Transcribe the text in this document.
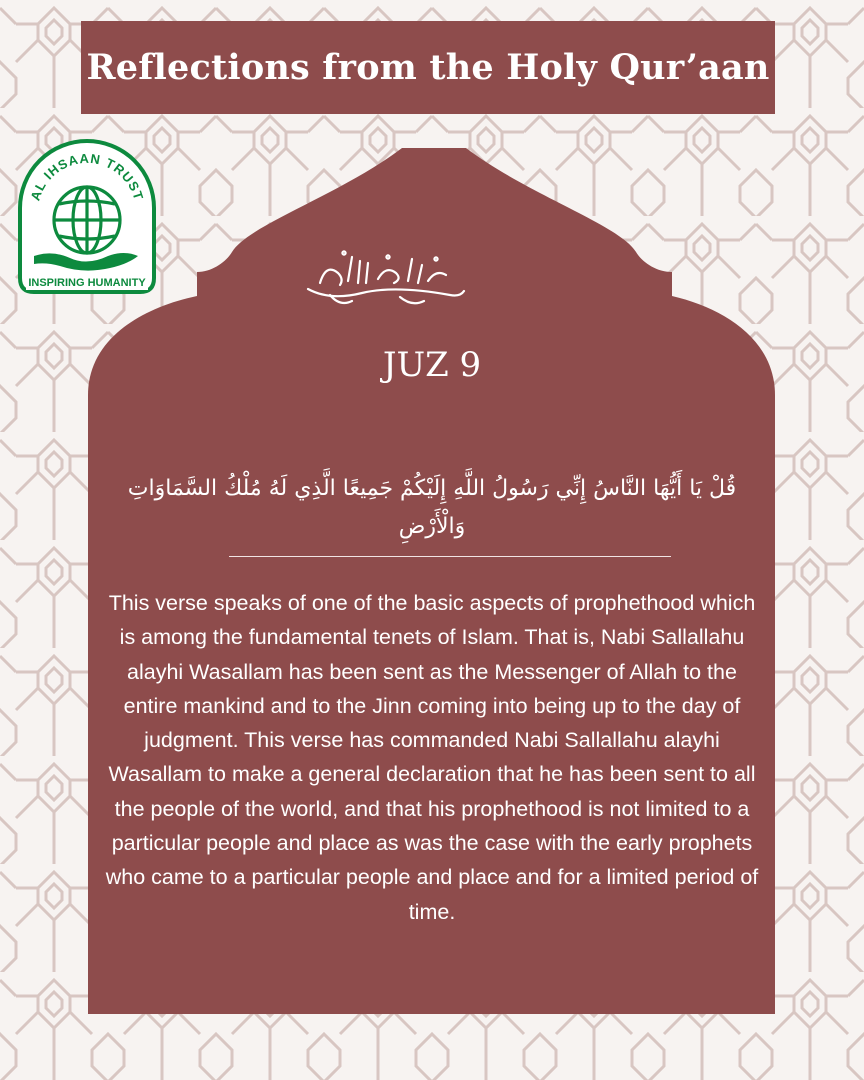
Reflections from the Holy Qur’aan
AL IHSAAN TRUST
INSPIRING HUMANITY
JUZ 9
قُلْ يَا أَيُّهَا النَّاسُ إِنِّي رَسُولُ اللَّهِ إِلَيْكُمْ جَمِيعًا الَّذِي لَهُ مُلْكُ السَّمَاوَاتِ وَالْأَرْضِ
This verse speaks of one of the basic aspects of prophethood which is among the fundamental tenets of Islam. That is, Nabi Sallallahu alayhi Wasallam has been sent as the Messenger of Allah to the entire mankind and to the Jinn coming into being up to the day of judgment. This verse has commanded Nabi Sallallahu alayhi Wasallam to make a general declaration that he has been sent to all the people of the world, and that his prophethood is not limited to a particular people and place as was the case with the early prophets who came to a particular people and place and for a limited period of time.
